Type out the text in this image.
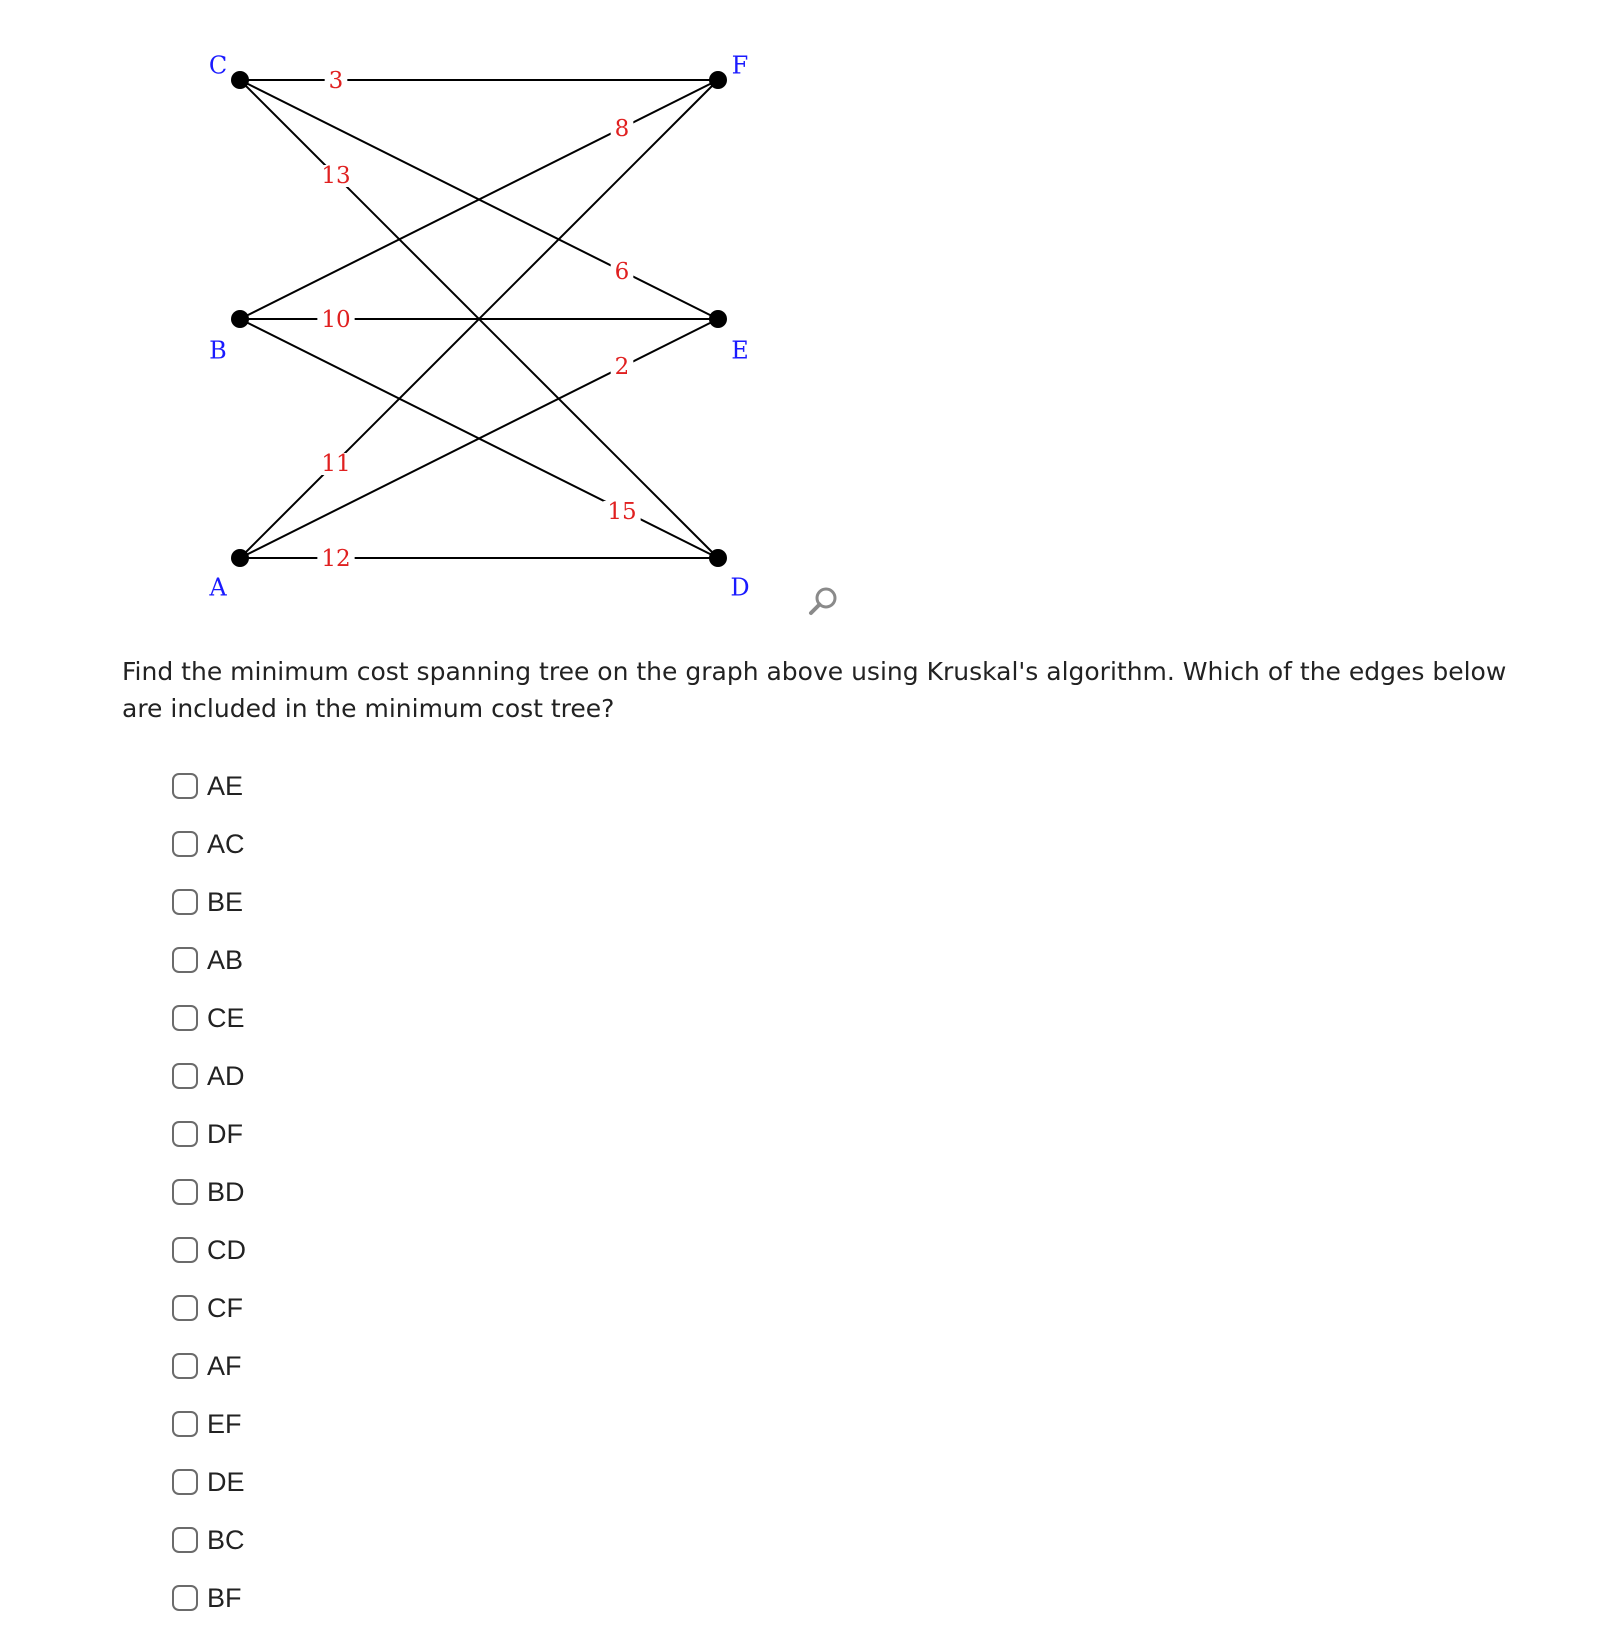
3
6
13
8
10
15
11
2
12
C	F
B	E
A	D
Find the minimum cost spanning tree on the graph above using Kruskal's algorithm. Which of the edges below are included in the minimum cost tree?
AE
AC
BE
AB
CE
AD
DF
BD
CD
CF
AF
EF
DE
BC
BF
